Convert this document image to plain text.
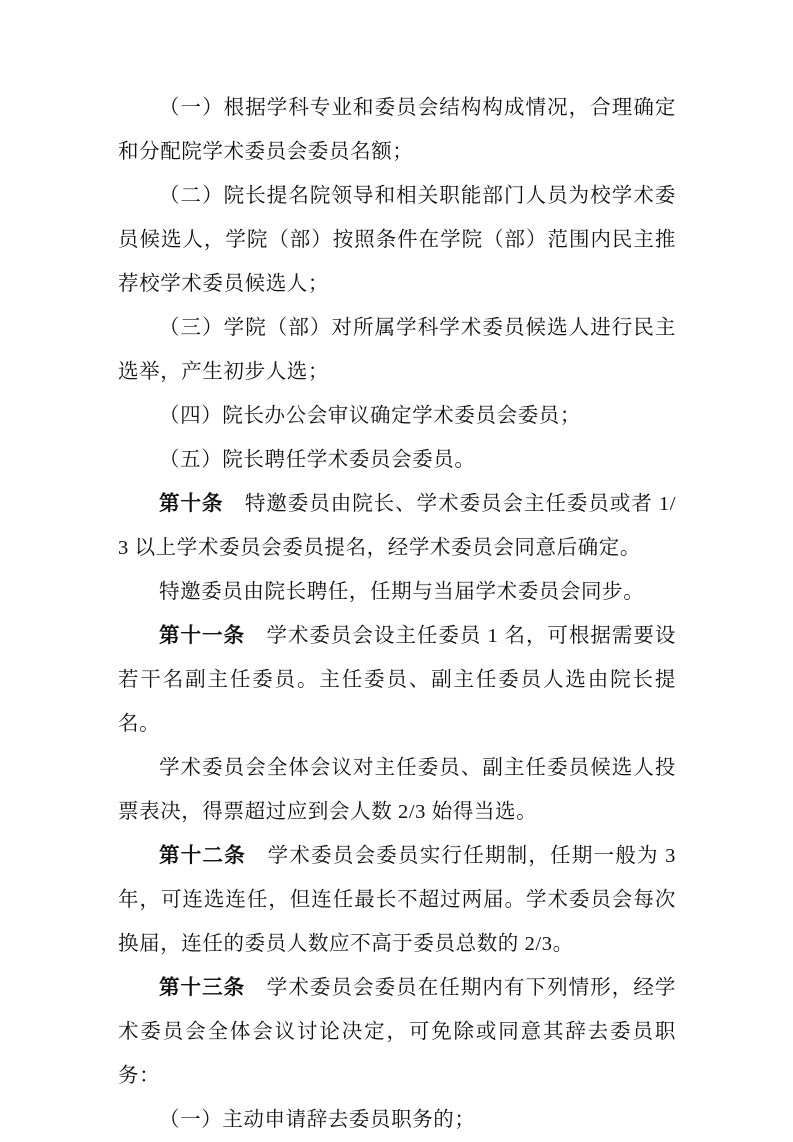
（一）根据学科专业和委员会结构构成情况，合理确定和分配院学术委员会委员名额；

（二）院长提名院领导和相关职能部门人员为校学术委员候选人，学院（部）按照条件在学院（部）范围内民主推荐校学术委员候选人；

（三）学院（部）对所属学科学术委员候选人进行民主选举，产生初步人选；

（四）院长办公会审议确定学术委员会委员；

（五）院长聘任学术委员会委员。

第十条　特邀委员由院长、学术委员会主任委员或者 1/3 以上学术委员会委员提名，经学术委员会同意后确定。

特邀委员由院长聘任，任期与当届学术委员会同步。

第十一条　学术委员会设主任委员 1 名，可根据需要设若干名副主任委员。主任委员、副主任委员人选由院长提名。

学术委员会全体会议对主任委员、副主任委员候选人投票表决，得票超过应到会人数 2/3 始得当选。

第十二条　学术委员会委员实行任期制，任期一般为 3 年，可连选连任，但连任最长不超过两届。学术委员会每次换届，连任的委员人数应不高于委员总数的 2/3。

第十三条　学术委员会委员在任期内有下列情形，经学术委员会全体会议讨论决定，可免除或同意其辞去委员职务：

（一）主动申请辞去委员职务的；
